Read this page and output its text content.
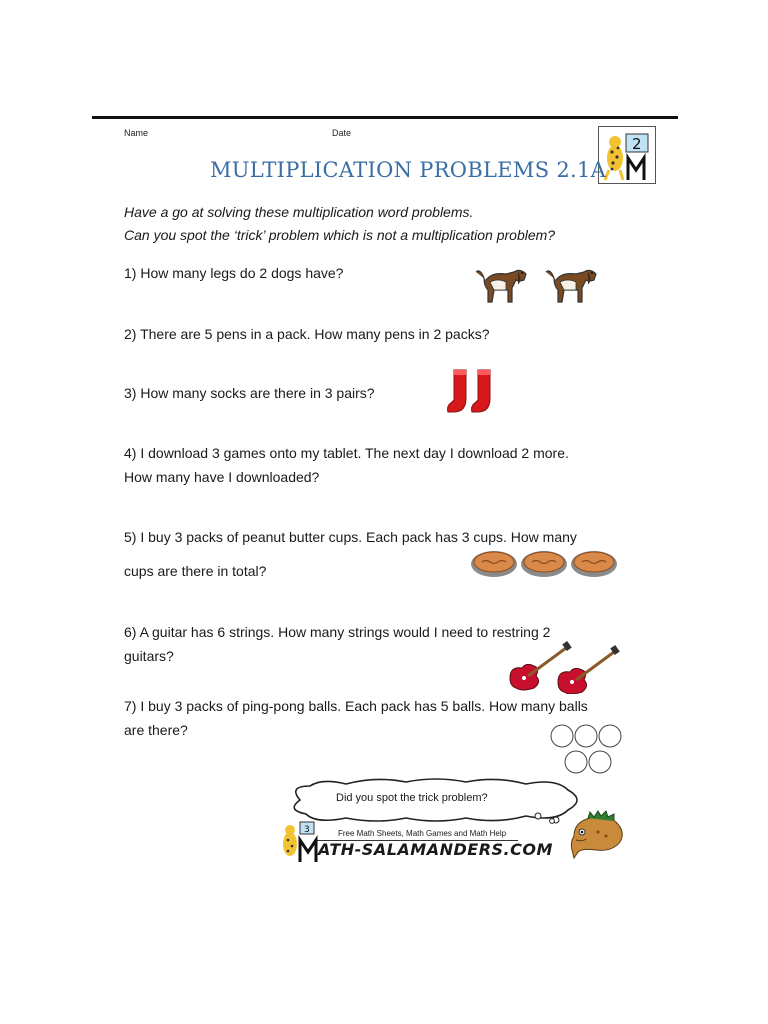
Name	Date
2
MULTIPLICATION PROBLEMS 2.1A
Have a go at solving these multiplication word problems.
Can you spot the ‘trick’ problem which is not a multiplication problem?
1) How many legs do 2 dogs have?
2) There are 5 pens in a pack. How many pens in 2 packs?
3) How many socks are there in 3 pairs?
4) I download 3 games onto my tablet. The next day I download 2 more.
How many have I downloaded?
5) I buy 3 packs of peanut butter cups. Each pack has 3 cups. How many
cups are there in total?
6) A guitar has 6 strings. How many strings would I need to restring 2
guitars?
7) I buy 3 packs of ping-pong balls. Each pack has 5 balls. How many balls
are there?
Did you spot the trick problem?
Free Math Sheets, Math Games and Math Help
3
ATH-SALAMANDERS.COM
